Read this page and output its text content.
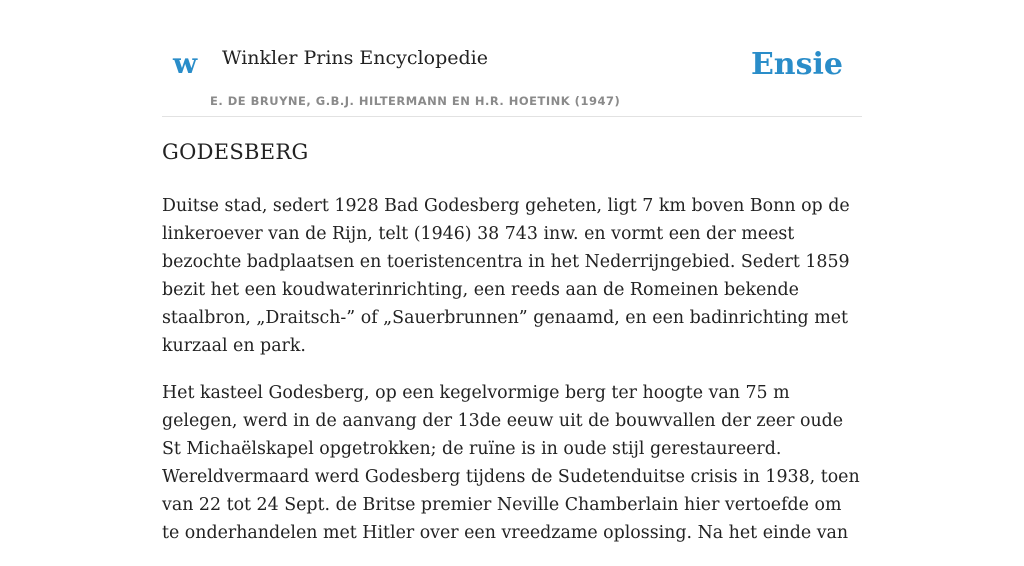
w Winkler Prins Encyclopedie
E. DE BRUYNE, G.B.J. HILTERMANN EN H.R. HOETINK (1947)
Ensie
GODESBERG

Duitse stad, sedert 1928 Bad Godesberg geheten, ligt 7 km boven Bonn op de linkeroever van de Rijn, telt (1946) 38 743 inw. en vormt een der meest bezochte badplaatsen en toeristencentra in het Nederrijngebied. Sedert 1859 bezit het een koudwaterinrichting, een reeds aan de Romeinen bekende staalbron, „Draitsch-” of „Sauerbrunnen” genaamd, en een badinrichting met kurzaal en park.

Het kasteel Godesberg, op een kegelvormige berg ter hoogte van 75 m gelegen, werd in de aanvang der 13de eeuw uit de bouwvallen der zeer oude St Michaëlskapel opgetrokken; de ruïne is in oude stijl gerestaureerd. Wereldvermaard werd Godesberg tijdens de Sudetenduitse crisis in 1938, toen van 22 tot 24 Sept. de Britse premier Neville Chamberlain hier vertoefde om te onderhandelen met Hitler over een vreedzame oplossing. Na het einde van
